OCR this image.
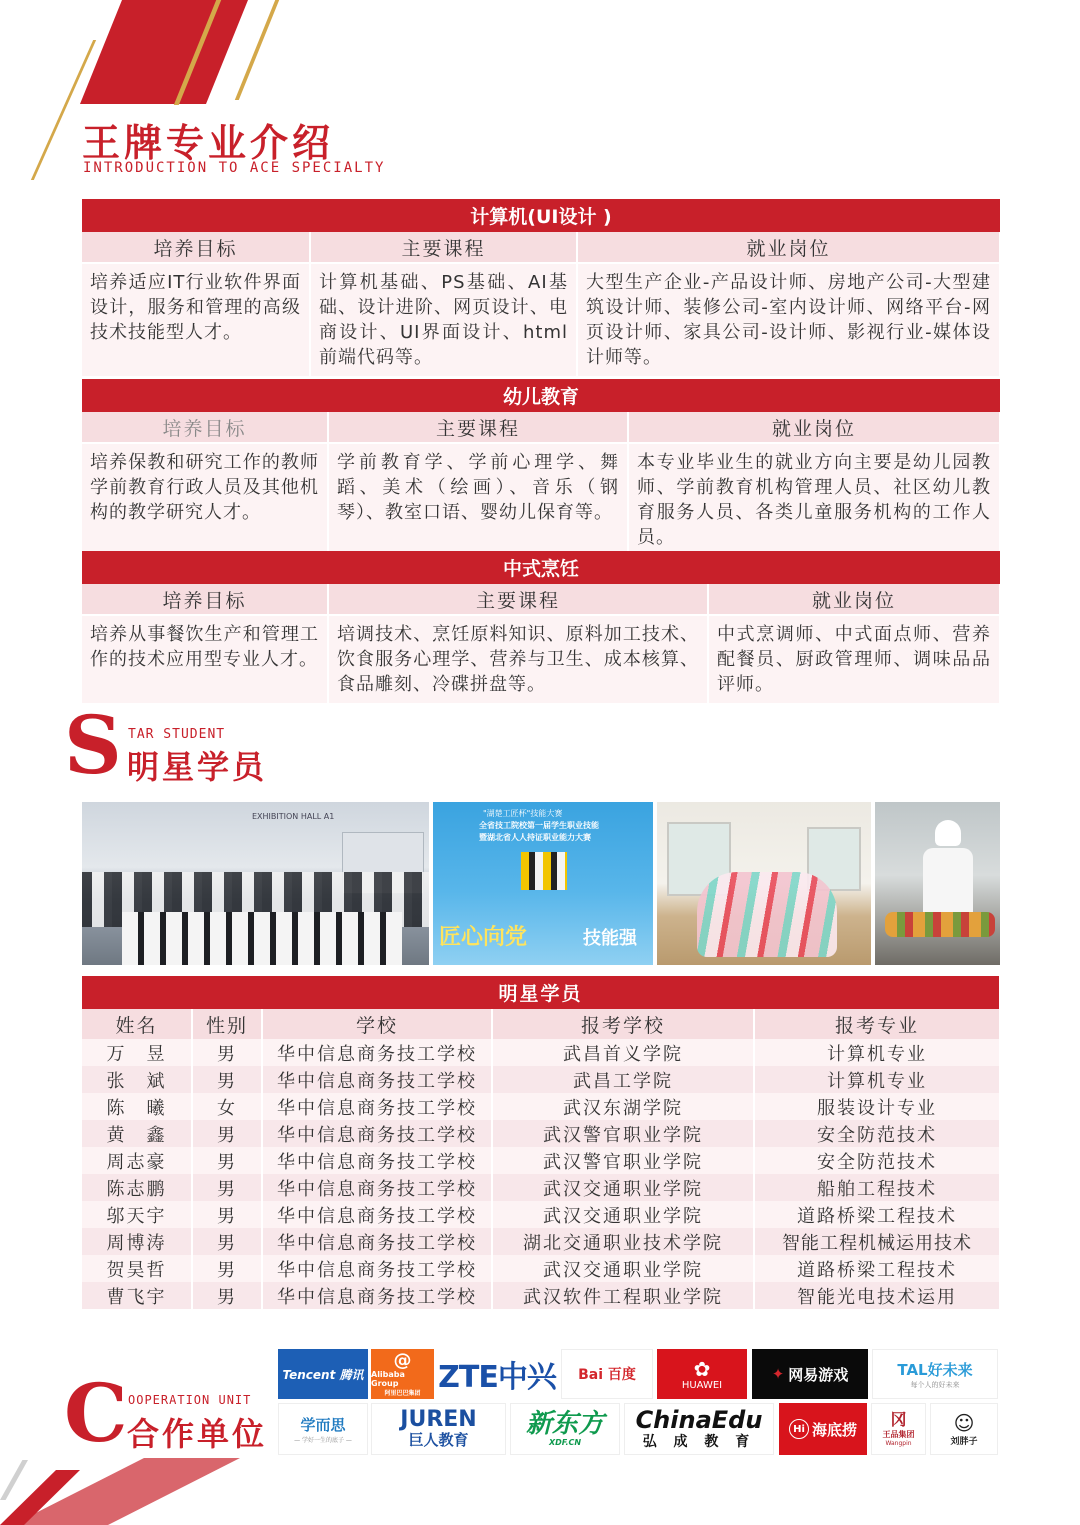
王牌专业介绍
INTRODUCTION TO ACE SPECIALTY
计算机(UI设计 )		
培养目标	主要课程	就业岗位

培养适应IT行业软件界面设计，服务和管理的高级技术技能型人才。	计算机基础、PS基础、AI基础、设计进阶、网页设计、电商设计、UI界面设计、html前端代码等。	大型生产企业-产品设计师、房地产公司-大型建筑设计师、装修公司-室内设计师、网络平台-网页设计师、家具公司-设计师、影视行业-媒体设计师等。
幼儿教育		
培养目标	主要课程	就业岗位

培养保教和研究工作的教师学前教育行政人员及其他机构的教学研究人才。	学前教育学、学前心理学、舞蹈、美术（绘画）、音乐（钢琴）、教室口语、婴幼儿保育等。	本专业毕业生的就业方向主要是幼儿园教师、学前教育机构管理人员、社区幼儿教育服务人员、各类儿童服务机构的工作人员。
中式烹饪		
培养目标	主要课程	就业岗位

培养从事餐饮生产和管理工作的技术应用型专业人才。	培调技术、烹饪原料知识、原料加工技术、饮食服务心理学、营养与卫生、成本核算、食品雕刻、冷碟拼盘等。	中式烹调师、中式面点师、营养配餐员、厨政管理师、调味品品评师。
S TAR STUDENT
明星学员
EXHIBITION HALL A1	"湖楚工匠杯"技能大赛
全省技工院校第一届学生职业技能
暨湖北省人人持证职业能力大赛
匠心向党	技能强
明星学员				
姓名	性别	学校	报考学校	报考专业
万　昱	男	华中信息商务技工学校	武昌首义学院	计算机专业
张　斌	男	华中信息商务技工学校	武昌工学院	计算机专业
陈　曦	女	华中信息商务技工学校	武汉东湖学院	服装设计专业
黄　鑫	男	华中信息商务技工学校	武汉警官职业学院	安全防范技术
周志豪	男	华中信息商务技工学校	武汉警官职业学院	安全防范技术
陈志鹏	男	华中信息商务技工学校	武汉交通职业学院	船舶工程技术
邬天宇	男	华中信息商务技工学校	武汉交通职业学院	道路桥梁工程技术
周博涛	男	华中信息商务技工学校	湖北交通职业技术学院	智能工程机械运用技术
贺昊哲	男	华中信息商务技工学校	武汉交通职业学院	道路桥梁工程技术
曹飞宇	男	华中信息商务技工学校	武汉软件工程职业学院	智能光电技术运用
C OOPERATION UNIT
合作单位
Tencent 腾讯
@
Alibaba Group
阿里巴巴集团 ZTE中兴 Bai 百度	✿
HUAWEI
✦ 网易游戏	TAL好未来
每个人的好未来
学而思
— 学好一生的底子 —
JUREN
巨人教育
新东方
XDF.CN
ChinaEdu
弘 成 教 育
Hi 海底捞
冈
王品集团
Wangpin
☺
刘胖子
